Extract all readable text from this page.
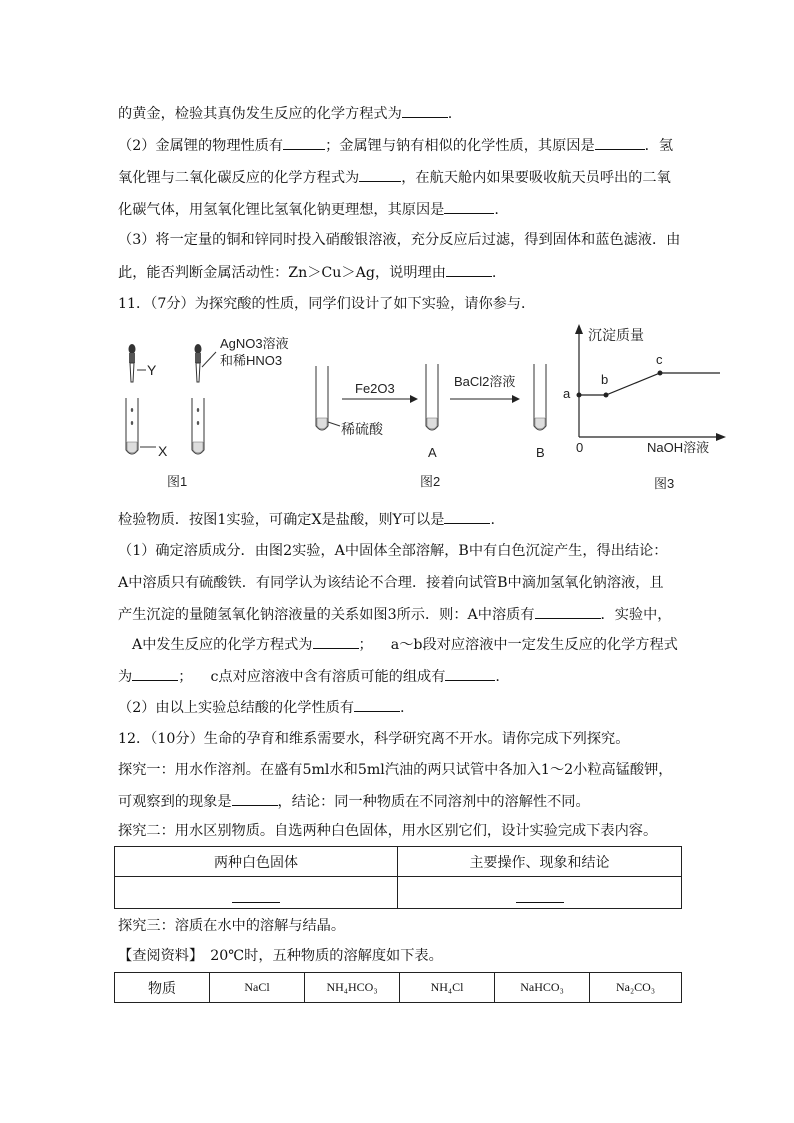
的黄金，检验其真伪发生反应的化学方程式为	.
（2）金属锂的物理性质有	；金属锂与钠有相似的化学性质，其原因是	．氢
氧化锂与二氧化碳反应的化学方程式为	，在航天舱内如果要吸收航天员呼出的二氧
化碳气体，用氢氧化锂比氢氧化钠更理想，其原因是	.
（3）将一定量的铜和锌同时投入硝酸银溶液，充分反应后过滤，得到固体和蓝色滤液．由
此，能否判断金属活动性：Zn＞Cu＞Ag，说明理由	.
11．（7分）为探究酸的性质，同学们设计了如下实验，请你参与．
Y
X
AgNO3溶液
和稀HNO3
图1
稀硫酸
Fe2O3
A
BaCl2溶液
B
图2
沉淀质量
NaOH溶液
0
a
b
c
图3
检验物质．按图1实验，可确定X是盐酸，则Y可以是	.
（1）确定溶质成分．由图2实验，A中固体全部溶解，B中有白色沉淀产生，得出结论：
A中溶质只有硫酸铁．有同学认为该结论不合理．接着向试管B中滴加氢氧化钠溶液，且
产生沉淀的量随氢氧化钠溶液量的关系如图3所示．则：A中溶质有	．实验中，
A中发生反应的化学方程式为	； a～b段对应溶液中一定发生反应的化学方程式
为	； c点对应溶液中含有溶质可能的组成有	.
（2）由以上实验总结酸的化学性质有	.
12．（10分）生命的孕育和维系需要水，科学研究离不开水。请你完成下列探究。
探究一：用水作溶剂。在盛有5ml水和5ml汽油的两只试管中各加入1～2小粒高锰酸钾，
可观察到的现象是	，结论：同一种物质在不同溶剂中的溶解性不同。
探究二：用水区别物质。自选两种白色固体，用水区别它们，设计实验完成下表内容。
两种白色固体	主要操作、现象和结论

探究三：溶质在水中的溶解与结晶。
【查阅资料】　20℃时，五种物质的溶解度如下表。
物质	NaCl	NH₄HCO₃	NH₄Cl	NaHCO₃	Na₂CO₃
